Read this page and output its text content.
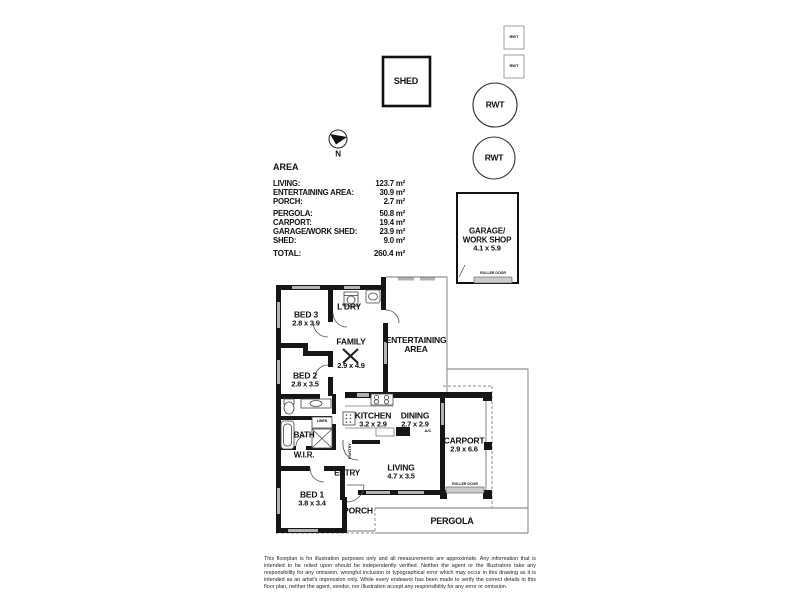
RWT
RWT
SHED
RWT
RWT
GARAGE/
WORK SHOP
4.1 x 5.9
ROLLER DOOR
N
AREA
LIVING:	123.7 m²
ENTERTAINING AREA:	30.9 m²
PORCH:	2.7 m²
PERGOLA:	50.8 m²
CARPORT:	19.4 m²
GARAGE/WORK SHED:	23.9 m²
SHED:	9.0 m²
TOTAL:	260.4 m²
BED 3
2.8 x 3.9
L'DRY
FAMILY
2.9 x 4.9
ENTERTAINING
AREA
BED 2
2.8 x 3.5
KITCHEN
3.2 x 2.9
DINING
2.7 x 2.9
A/C
BATH
LINEN
W.I.R.	PANTRY
ENTRY
LIVING
4.7 x 3.5
BED 1
3.8 x 3.4
PORCH
CARPORT
2.9 x 6.6
ROLLER DOOR
PERGOLA
This floorplan is for illustration purposes only and all measurements are approximate. Any information that is intended to be relied upon should be independently verified. Neither the agent or the Illustrators take any responsibility for any omission, wrongful inclusion or typographical error which may occur in this drawing as it is intended as an artist's impression only. While every endeavor has been made to verify the correct details in this floor plan, neither the agent, vendor, nor Illustration accept any responsibility for any error or omission.
